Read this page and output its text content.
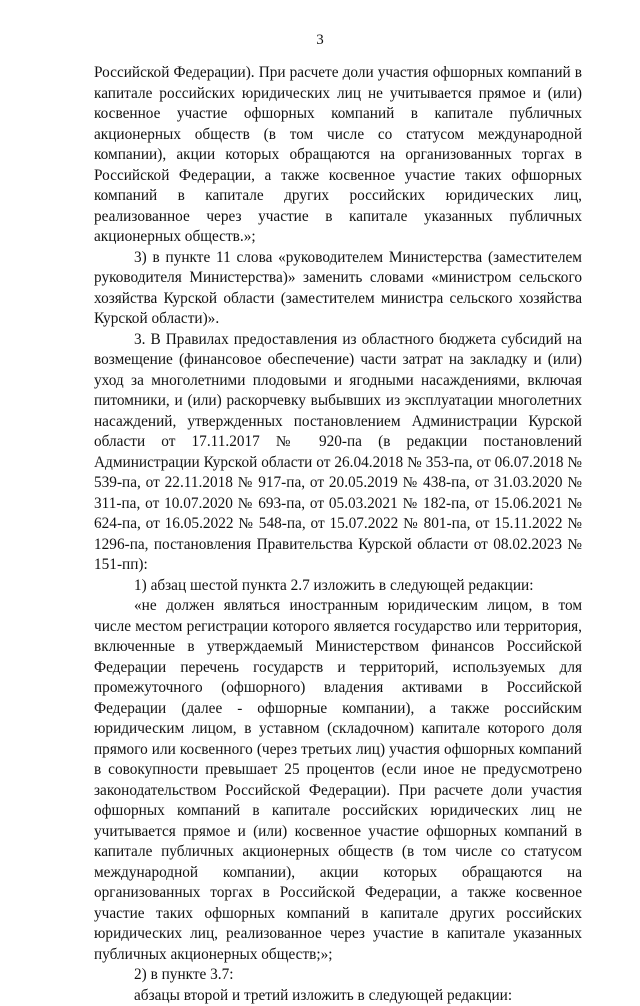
3

Российской Федерации). При расчете доли участия офшорных компаний в капитале российских юридических лиц не учитывается прямое и (или) косвенное участие офшорных компаний в капитале публичных акционерных обществ (в том числе со статусом международной компании), акции которых обращаются на организованных торгах в Российской Федерации, а также косвенное участие таких офшорных компаний в капитале других российских юридических лиц, реализованное через участие в капитале указанных публичных акционерных обществ.»;

3) в пункте 11 слова «руководителем Министерства (заместителем руководителя Министерства)» заменить словами «министром сельского хозяйства Курской области (заместителем министра сельского хозяйства Курской области)».

3. В Правилах предоставления из областного бюджета субсидий на возмещение (финансовое обеспечение) части затрат на закладку и (или) уход за многолетними плодовыми и ягодными насаждениями, включая питомники, и (или) раскорчевку выбывших из эксплуатации многолетних насаждений, утвержденных постановлением Администрации Курской области от 17.11.2017 № 920-па (в редакции постановлений Администрации Курской области от 26.04.2018 № 353-па, от 06.07.2018 № 539-па, от 22.11.2018 № 917-па, от 20.05.2019 № 438-па, от 31.03.2020 № 311-па, от 10.07.2020 № 693-па, от 05.03.2021 № 182-па, от 15.06.2021 № 624-па, от 16.05.2022 № 548-па, от 15.07.2022 № 801-па, от 15.11.2022 № 1296-па, постановления Правительства Курской области от 08.02.2023 № 151-пп):

1) абзац шестой пункта 2.7 изложить в следующей редакции:

«не должен являться иностранным юридическим лицом, в том числе местом регистрации которого является государство или территория, включенные в утверждаемый Министерством финансов Российской Федерации перечень государств и территорий, используемых для промежуточного (офшорного) владения активами в Российской Федерации (далее - офшорные компании), а также российским юридическим лицом, в уставном (складочном) капитале которого доля прямого или косвенного (через третьих лиц) участия офшорных компаний в совокупности превышает 25 процентов (если иное не предусмотрено законодательством Российской Федерации). При расчете доли участия офшорных компаний в капитале российских юридических лиц не учитывается прямое и (или) косвенное участие офшорных компаний в капитале публичных акционерных обществ (в том числе со статусом международной компании), акции которых обращаются на организованных торгах в Российской Федерации, а также косвенное участие таких офшорных компаний в капитале других российских юридических лиц, реализованное через участие в капитале указанных публичных акционерных обществ;»;

2) в пункте 3.7:

абзацы второй и третий изложить в следующей редакции:
